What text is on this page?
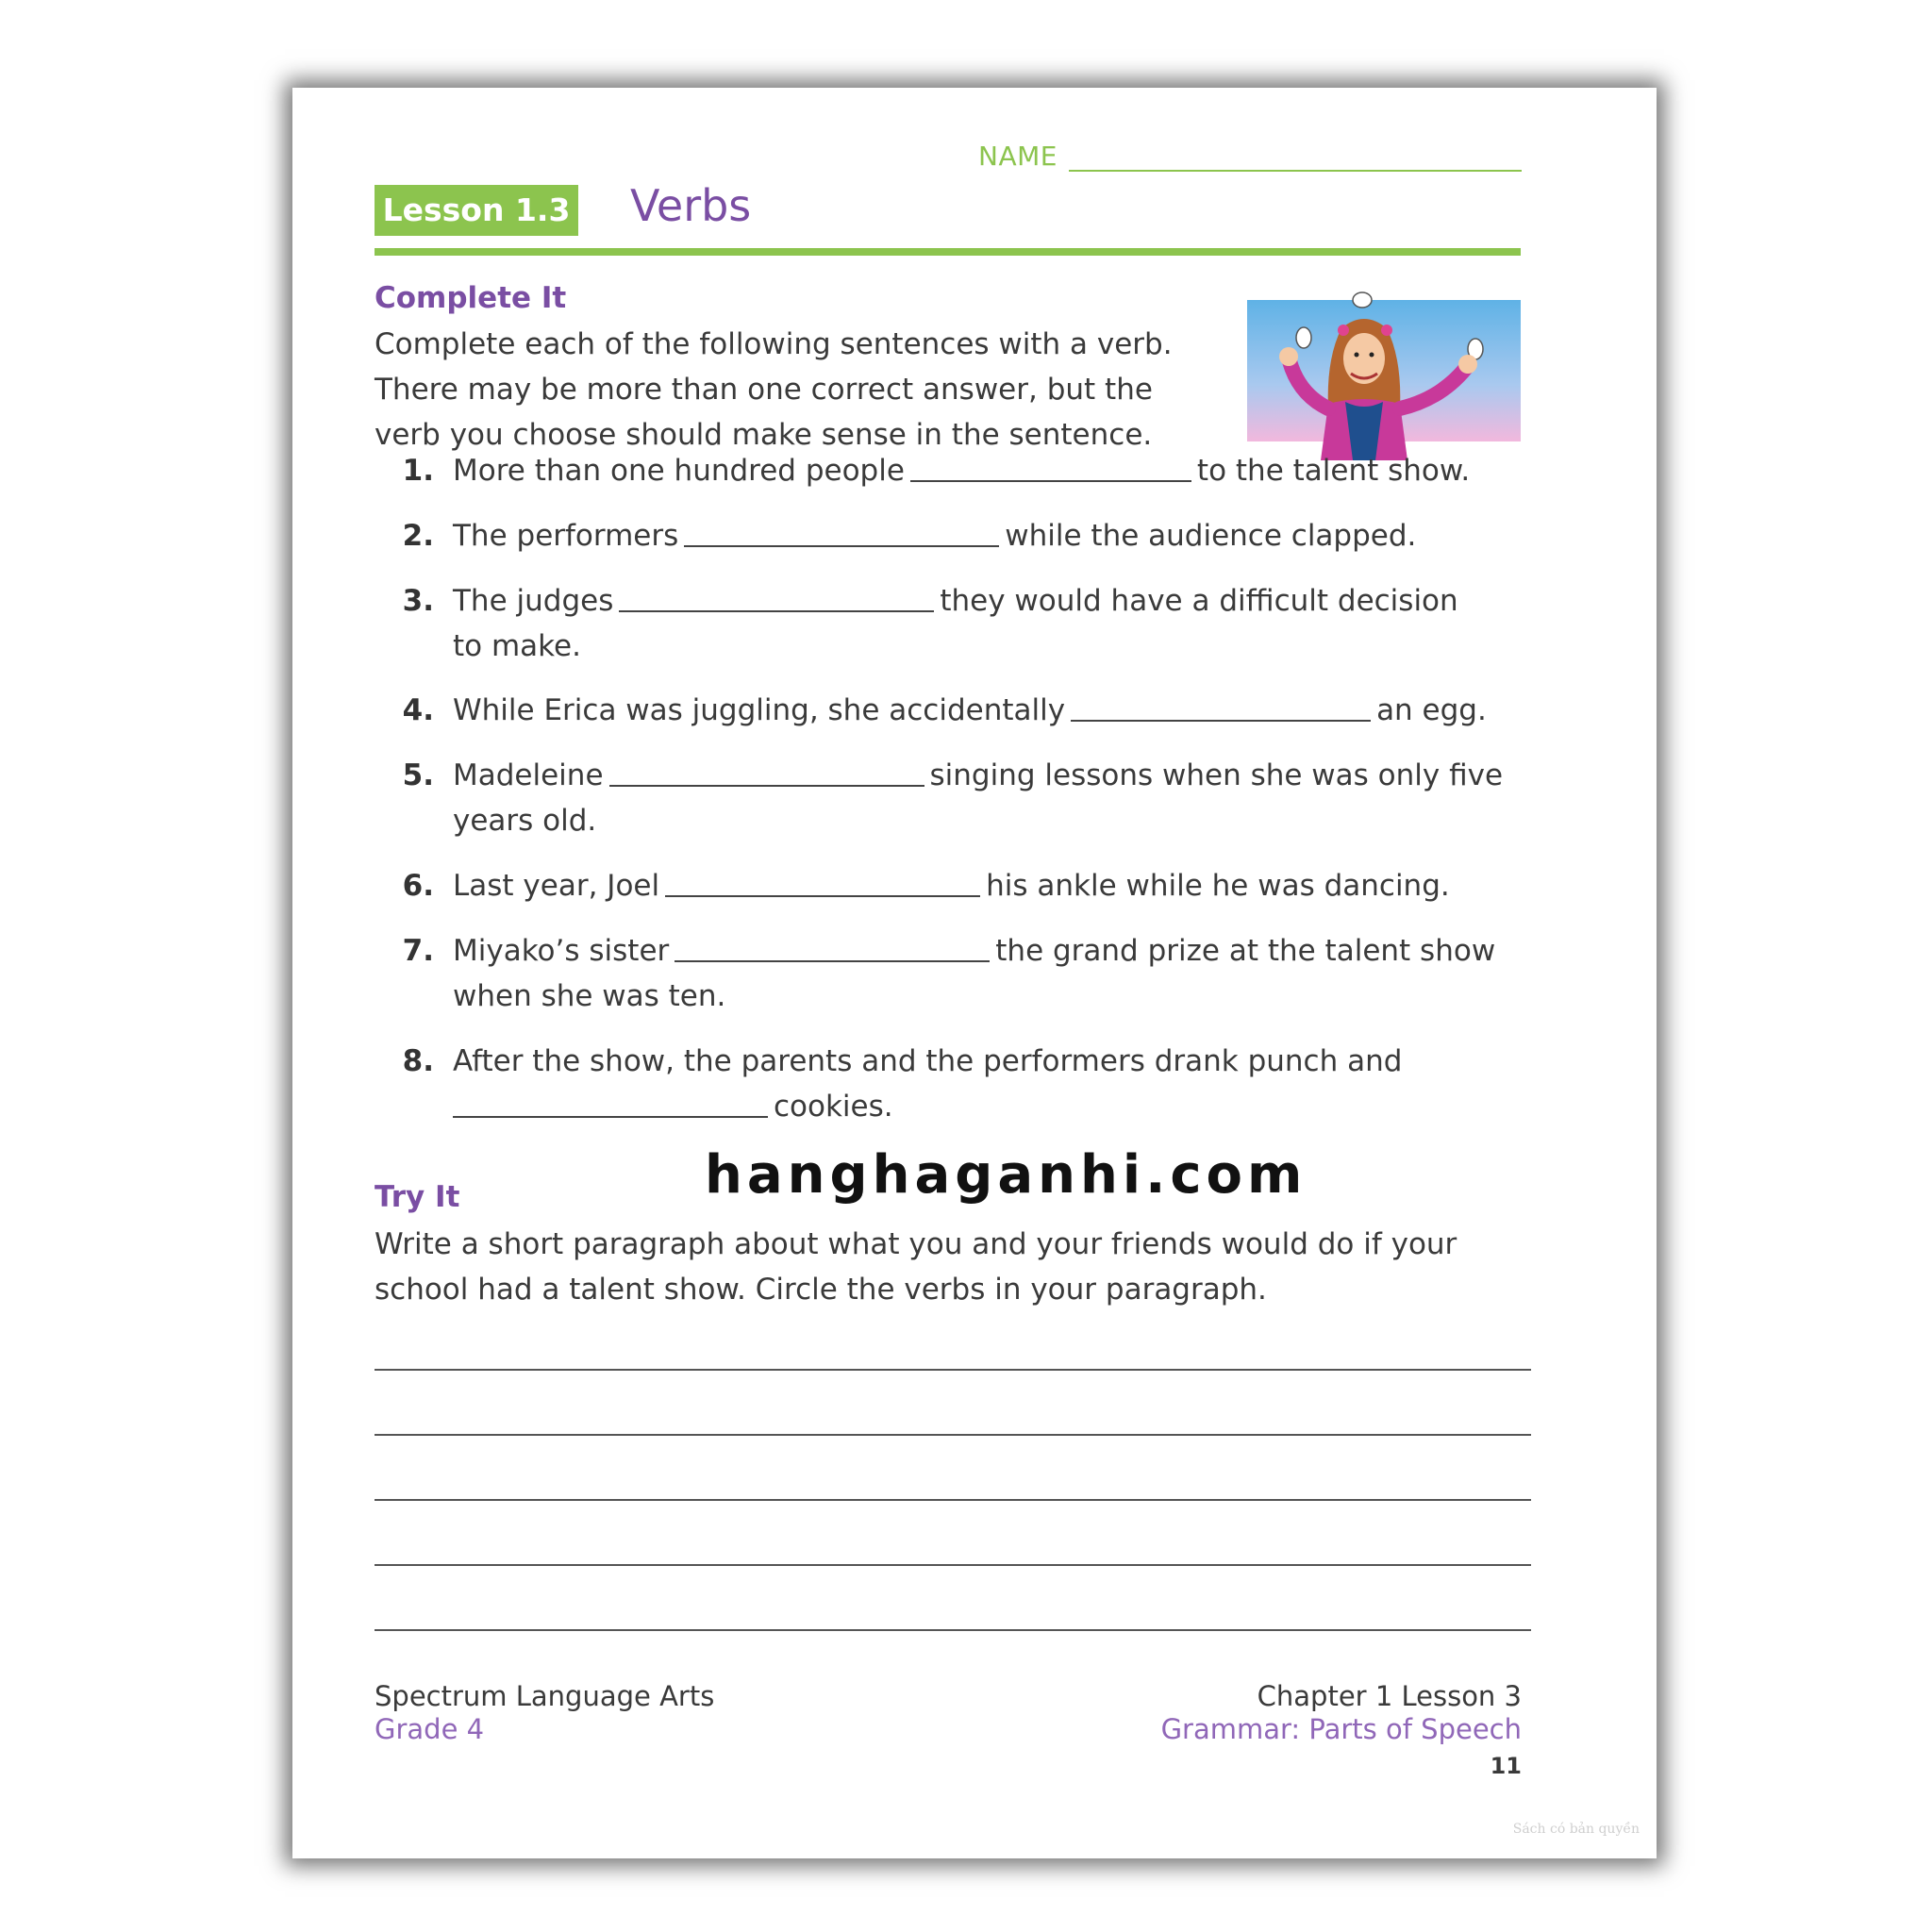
NAME
Lesson 1.3 Verbs
Complete It
Complete each of the following sentences with a verb.
There may be more than one correct answer, but the
verb you choose should make sense in the sentence.
1. More than one hundred people	to the talent show.
2. The performers	while the audience clapped.
3. The judges	they would have a difficult decision
to make.
4. While Erica was juggling, she accidentally	an egg.
5. Madeleine	singing lessons when she was only five
years old.
6. Last year, Joel	his ankle while he was dancing.
7. Miyako’s sister	the grand prize at the talent show
when she was ten.
8. After the show, the parents and the performers drank punch and
cookies.
hanghaganhi.com
Try It
Write a short paragraph about what you and your friends would do if your
school had a talent show. Circle the verbs in your paragraph.
Spectrum Language Arts
Grade 4
Chapter 1 Lesson 3
Grammar: Parts of Speech
11
Sách có bản quyền
